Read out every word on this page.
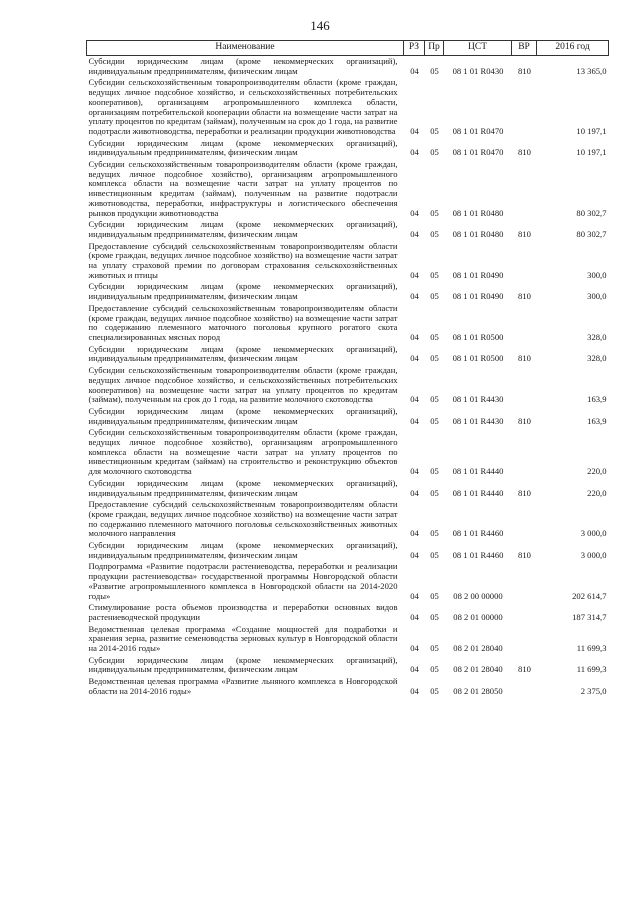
146
Наименование	РЗ	Пр	ЦСТ	ВР	2016 год
Субсидии юридическим лицам (кроме некоммерческих организаций), индивидуальным предпринимателям, физическим лицам	04	05	08 1 01 R0430	810	13 365,0
Субсидии сельскохозяйственным товаропроизводителям области (кроме граждан, ведущих личное подсобное хозяйство, и сельскохозяйственных потребительских кооперативов), организациям агропромышленного комплекса области, организациям потребительской кооперации области на возмещение части затрат на уплату процентов по кредитам (займам), полученным на срок до 1 года, на развитие подотрасли животноводства, переработки и реализации продукции животноводства	04	05	08 1 01 R0470		10 197,1
Субсидии юридическим лицам (кроме некоммерческих организаций), индивидуальным предпринимателям, физическим лицам	04	05	08 1 01 R0470	810	10 197,1
Субсидии сельскохозяйственным товаропроизводителям области (кроме граждан, ведущих личное подсобное хозяйство), организациям агропромышленного комплекса области на возмещение части затрат на уплату процентов по инвестиционным кредитам (займам), полученным на развитие подотрасли животноводства, переработки, инфраструктуры и логистического обеспечения рынков продукции животноводства	04	05	08 1 01 R0480		80 302,7
Субсидии юридическим лицам (кроме некоммерческих организаций), индивидуальным предпринимателям, физическим лицам	04	05	08 1 01 R0480	810	80 302,7
Предоставление субсидий сельскохозяйственным товаропроизводителям области (кроме граждан, ведущих личное подсобное хозяйство) на возмещение части затрат на уплату страховой премии по договорам страхования сельскохозяйственных животных и птицы	04	05	08 1 01 R0490		300,0
Субсидии юридическим лицам (кроме некоммерческих организаций), индивидуальным предпринимателям, физическим лицам	04	05	08 1 01 R0490	810	300,0
Предоставление субсидий сельскохозяйственным товаропроизводителям области (кроме граждан, ведущих личное подсобное хозяйство) на возмещение части затрат по содержанию племенного маточного поголовья крупного рогатого скота специализированных мясных пород	04	05	08 1 01 R0500		328,0
Субсидии юридическим лицам (кроме некоммерческих организаций), индивидуальным предпринимателям, физическим лицам	04	05	08 1 01 R0500	810	328,0
Субсидии сельскохозяйственным товаропроизводителям области (кроме граждан, ведущих личное подсобное хозяйство, и сельскохозяйственных потребительских кооперативов) на возмещение части затрат на уплату процентов по кредитам (займам), полученным на срок до 1 года, на развитие молочного скотоводства	04	05	08 1 01 R4430		163,9
Субсидии юридическим лицам (кроме некоммерческих организаций), индивидуальным предпринимателям, физическим лицам	04	05	08 1 01 R4430	810	163,9
Субсидии сельскохозяйственным товаропроизводителям области (кроме граждан, ведущих личное подсобное хозяйство), организациям агропромышленного комплекса области на возмещение части затрат на уплату процентов по инвестиционным кредитам (займам) на строительство и реконструкцию объектов для молочного скотоводства	04	05	08 1 01 R4440		220,0
Субсидии юридическим лицам (кроме некоммерческих организаций), индивидуальным предпринимателям, физическим лицам	04	05	08 1 01 R4440	810	220,0
Предоставление субсидий сельскохозяйственным товаропроизводителям области (кроме граждан, ведущих личное подсобное хозяйство) на возмещение части затрат по содержанию племенного маточного поголовья сельскохозяйственных животных молочного направления	04	05	08 1 01 R4460		3 000,0
Субсидии юридическим лицам (кроме некоммерческих организаций), индивидуальным предпринимателям, физическим лицам	04	05	08 1 01 R4460	810	3 000,0
Подпрограмма «Развитие подотрасли растениеводства, переработки и реализации продукции растениеводства» государственной программы Новгородской области «Развитие агропромышленного комплекса в Новгородской области на 2014-2020 годы»	04	05	08 2 00 00000		202 614,7
Стимулирование роста объемов производства и переработки основных видов растениеводческой продукции	04	05	08 2 01 00000		187 314,7
Ведомственная целевая программа «Создание мощностей для подработки и хранения зерна, развитие семеноводства зерновых культур в Новгородской области на 2014-2016 годы»	04	05	08 2 01 28040		11 699,3
Субсидии юридическим лицам (кроме некоммерческих организаций), индивидуальным предпринимателям, физическим лицам	04	05	08 2 01 28040	810	11 699,3
Ведомственная целевая программа «Развитие льняного комплекса в Новгородской области на 2014-2016 годы»	04	05	08 2 01 28050		2 375,0
